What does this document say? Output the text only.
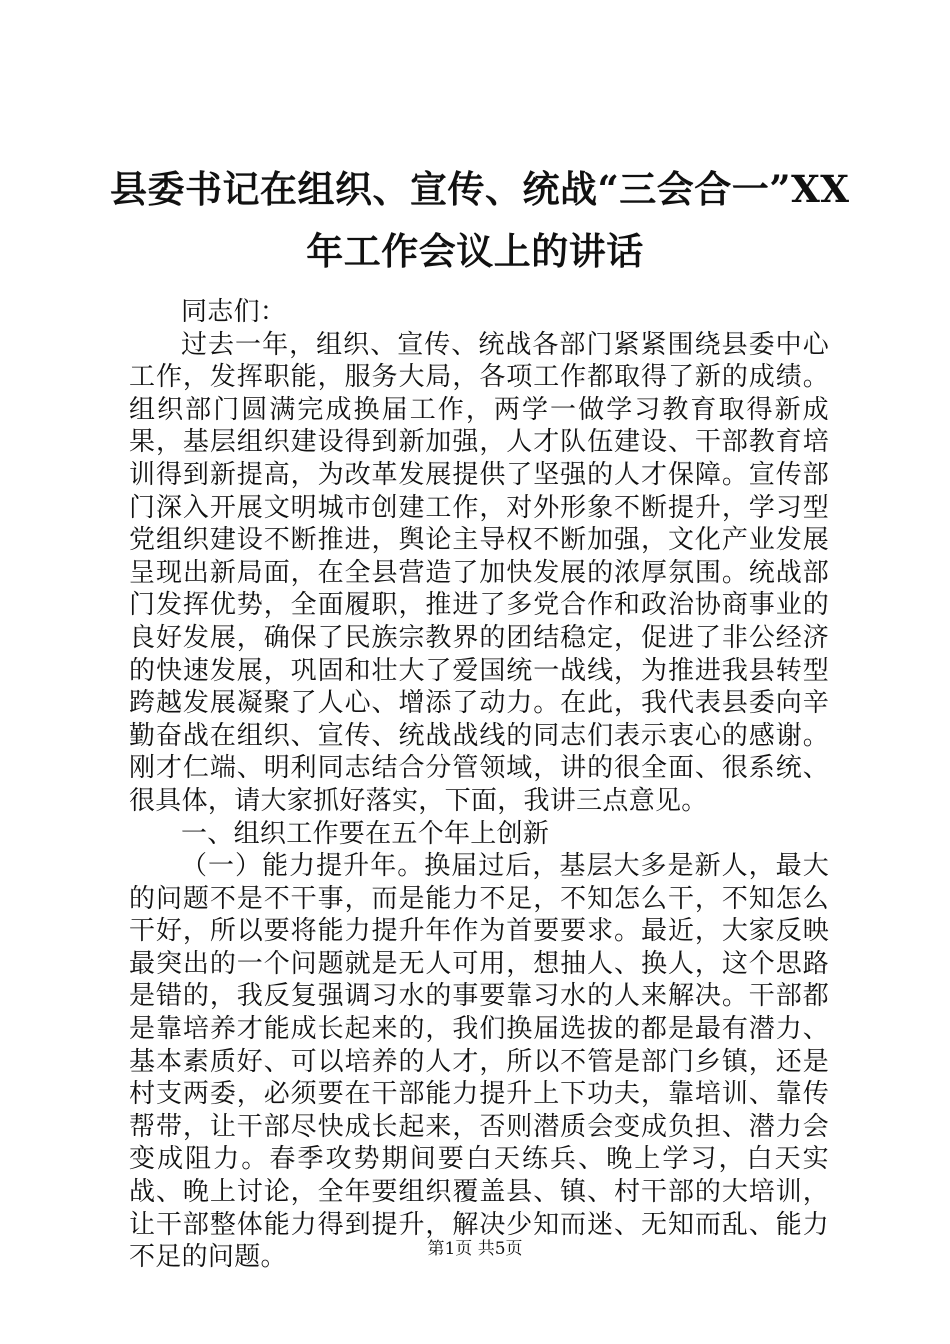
县委书记在组织、宣传、统战“三会合一”XX
年工作会议上的讲话

同志们：

过去一年，组织、宣传、统战各部门紧紧围绕县委中心工作，发挥职能，服务大局，各项工作都取得了新的成绩。组织部门圆满完成换届工作，两学一做学习教育取得新成果，基层组织建设得到新加强，人才队伍建设、干部教育培训得到新提高，为改革发展提供了坚强的人才保障。宣传部门深入开展文明城市创建工作，对外形象不断提升，学习型党组织建设不断推进，舆论主导权不断加强，文化产业发展呈现出新局面，在全县营造了加快发展的浓厚氛围。统战部门发挥优势，全面履职，推进了多党合作和政治协商事业的良好发展，确保了民族宗教界的团结稳定，促进了非公经济的快速发展，巩固和壮大了爱国统一战线，为推进我县转型跨越发展凝聚了人心、增添了动力。在此，我代表县委向辛勤奋战在组织、宣传、统战战线的同志们表示衷心的感谢。刚才仁端、明利同志结合分管领域，讲的很全面、很系统、很具体，请大家抓好落实，下面，我讲三点意见。

一、组织工作要在五个年上创新

（一）能力提升年。换届过后，基层大多是新人，最大的问题不是不干事，而是能力不足，不知怎么干，不知怎么干好，所以要将能力提升年作为首要要求。最近，大家反映最突出的一个问题就是无人可用，想抽人、换人，这个思路是错的，我反复强调习水的事要靠习水的人来解决。干部都是靠培养才能成长起来的，我们换届选拔的都是最有潜力、基本素质好、可以培养的人才，所以不管是部门乡镇，还是村支两委，必须要在干部能力提升上下功夫，靠培训、靠传帮带，让干部尽快成长起来，否则潜质会变成负担、潜力会变成阻力。春季攻势期间要白天练兵、晚上学习，白天实战、晚上讨论，全年要组织覆盖县、镇、村干部的大培训，让干部整体能力得到提升，解决少知而迷、无知而乱、能力不足的问题。	第1页 共5页
